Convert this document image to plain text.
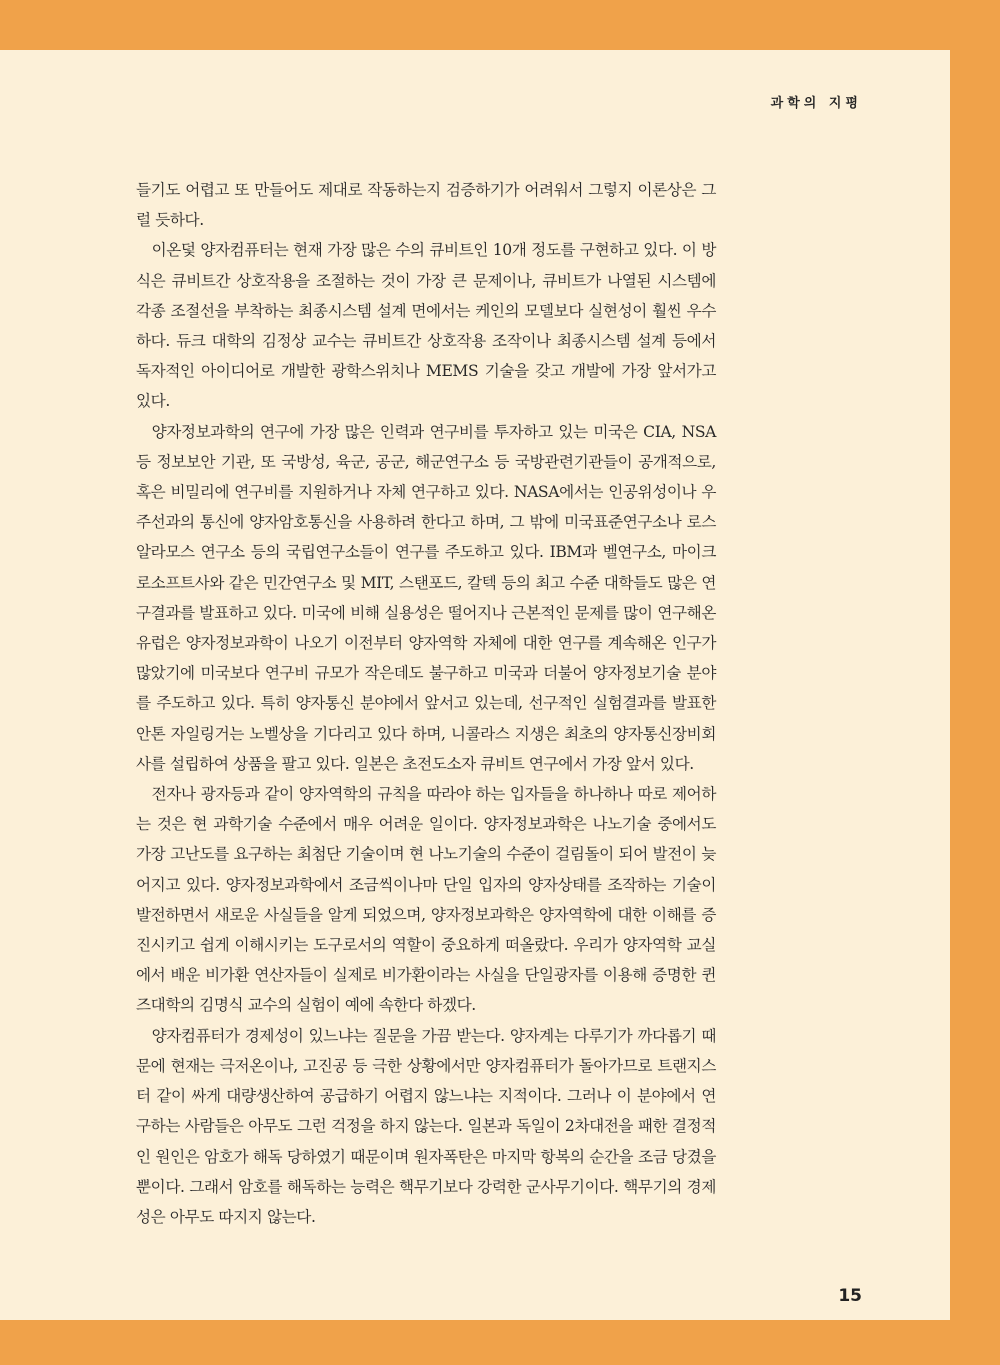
과학의 지평

들기도 어렵고 또 만들어도 제대로 작동하는지 검증하기가 어려워서 그렇지 이론상은 그럴 듯하다.

이온덫 양자컴퓨터는 현재 가장 많은 수의 큐비트인 10개 정도를 구현하고 있다. 이 방식은 큐비트간 상호작용을 조절하는 것이 가장 큰 문제이나, 큐비트가 나열된 시스템에 각종 조절선을 부착하는 최종시스템 설계 면에서는 케인의 모델보다 실현성이 훨씬 우수하다. 듀크 대학의 김정상 교수는 큐비트간 상호작용 조작이나 최종시스템 설계 등에서 독자적인 아이디어로 개발한 광학스위치나 MEMS 기술을 갖고 개발에 가장 앞서가고 있다.

양자정보과학의 연구에 가장 많은 인력과 연구비를 투자하고 있는 미국은 CIA, NSA 등 정보보안 기관, 또 국방성, 육군, 공군, 해군연구소 등 국방관련기관들이 공개적으로, 혹은 비밀리에 연구비를 지원하거나 자체 연구하고 있다. NASA에서는 인공위성이나 우주선과의 통신에 양자암호통신을 사용하려 한다고 하며, 그 밖에 미국표준연구소나 로스알라모스 연구소 등의 국립연구소들이 연구를 주도하고 있다. IBM과 벨연구소, 마이크로소프트사와 같은 민간연구소 및 MIT, 스탠포드, 칼텍 등의 최고 수준 대학들도 많은 연구결과를 발표하고 있다. 미국에 비해 실용성은 떨어지나 근본적인 문제를 많이 연구해온 유럽은 양자정보과학이 나오기 이전부터 양자역학 자체에 대한 연구를 계속해온 인구가 많았기에 미국보다 연구비 규모가 작은데도 불구하고 미국과 더불어 양자정보기술 분야를 주도하고 있다. 특히 양자통신 분야에서 앞서고 있는데, 선구적인 실험결과를 발표한 안톤 자일링거는 노벨상을 기다리고 있다 하며, 니콜라스 지생은 최초의 양자통신장비회사를 설립하여 상품을 팔고 있다. 일본은 초전도소자 큐비트 연구에서 가장 앞서 있다.

전자나 광자등과 같이 양자역학의 규칙을 따라야 하는 입자들을 하나하나 따로 제어하는 것은 현 과학기술 수준에서 매우 어려운 일이다. 양자정보과학은 나노기술 중에서도 가장 고난도를 요구하는 최첨단 기술이며 현 나노기술의 수준이 걸림돌이 되어 발전이 늦어지고 있다. 양자정보과학에서 조금씩이나마 단일 입자의 양자상태를 조작하는 기술이 발전하면서 새로운 사실들을 알게 되었으며, 양자정보과학은 양자역학에 대한 이해를 증진시키고 쉽게 이해시키는 도구로서의 역할이 중요하게 떠올랐다. 우리가 양자역학 교실에서 배운 비가환 연산자들이 실제로 비가환이라는 사실을 단일광자를 이용해 증명한 퀸즈대학의 김명식 교수의 실험이 예에 속한다 하겠다.

양자컴퓨터가 경제성이 있느냐는 질문을 가끔 받는다. 양자계는 다루기가 까다롭기 때문에 현재는 극저온이나, 고진공 등 극한 상황에서만 양자컴퓨터가 돌아가므로 트랜지스터 같이 싸게 대량생산하여 공급하기 어렵지 않느냐는 지적이다. 그러나 이 분야에서 연구하는 사람들은 아무도 그런 걱정을 하지 않는다. 일본과 독일이 2차대전을 패한 결정적인 원인은 암호가 해독 당하였기 때문이며 원자폭탄은 마지막 항복의 순간을 조금 당겼을 뿐이다. 그래서 암호를 해독하는 능력은 핵무기보다 강력한 군사무기이다. 핵무기의 경제성은 아무도 따지지 않는다.

15
